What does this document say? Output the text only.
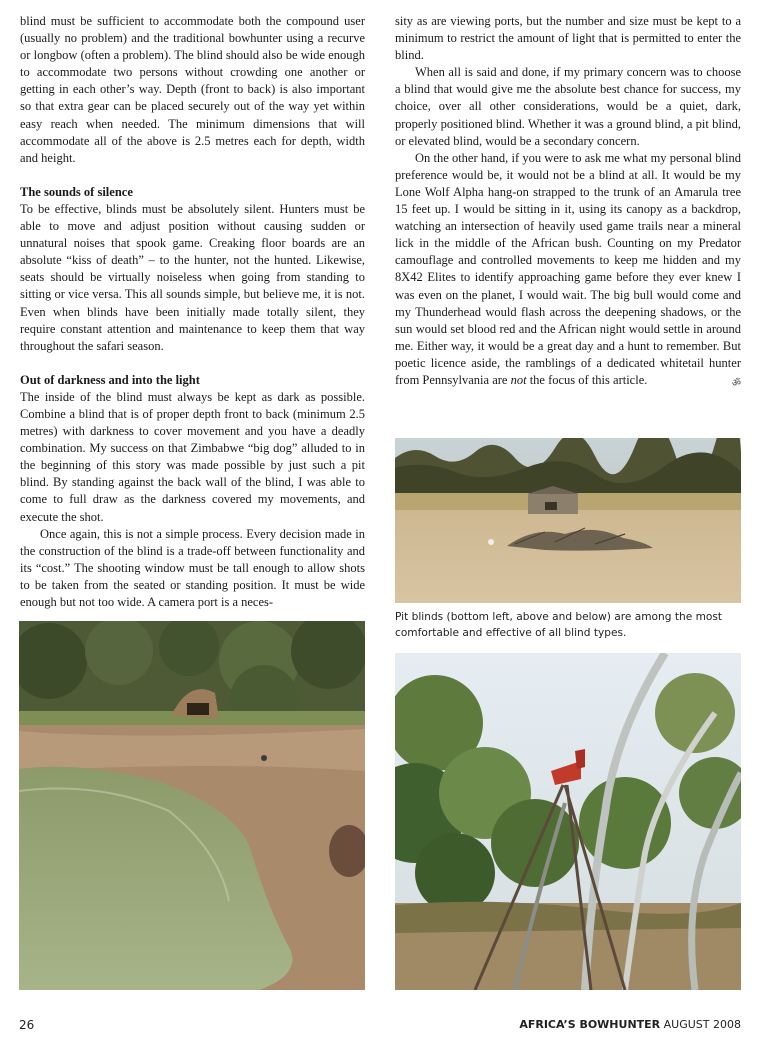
blind must be sufficient to accommodate both the compound user (usually no problem) and the traditional bowhunter using a recurve or longbow (often a problem). The blind should also be wide enough to accommodate two persons without crowding one another or getting in each other’s way. Depth (front to back) is also important so that extra gear can be placed securely out of the way yet within easy reach when needed. The minimum dimensions that will accommodate all of the above is 2.5 metres each for depth, width and height.

The sounds of silence

To be effective, blinds must be absolutely silent. Hunters must be able to move and adjust position without causing sudden or unnatural noises that spook game. Creaking floor boards are an absolute “kiss of death” – to the hunter, not the hunted. Likewise, seats should be virtually noiseless when going from standing to sitting or vice versa. This all sounds simple, but believe me, it is not. Even when blinds have been initially made totally silent, they require constant attention and maintenance to keep them that way throughout the safari season.

Out of darkness and into the light

The inside of the blind must always be kept as dark as possible. Combine a blind that is of proper depth front to back (minimum 2.5 metres) with darkness to cover movement and you have a deadly combination. My success on that Zimbabwe “big dog” alluded to in the beginning of this story was made possible by just such a pit blind. By standing against the back wall of the blind, I was able to come to full draw as the darkness covered my movements, and execute the shot.

Once again, this is not a simple process. Every decision made in the construction of the blind is a trade-off between functionality and its “cost.” The shooting window must be tall enough to allow shots to be taken from the seated or standing position. It must be wide enough but not too wide. A camera port is a neces-

sity as are viewing ports, but the number and size must be kept to a minimum to restrict the amount of light that is permitted to enter the blind.

When all is said and done, if my primary concern was to choose a blind that would give me the absolute best chance for success, my choice, over all other considerations, would be a quiet, dark, properly positioned blind. Whether it was a ground blind, a pit blind, or elevated blind, would be a secondary concern.

On the other hand, if you were to ask me what my personal blind preference would be, it would not be a blind at all. It would be my Lone Wolf Alpha hang-on strapped to the trunk of an Amarula tree 15 feet up. I would be sitting in it, using its canopy as a backdrop, watching an intersection of heavily used game trails near a mineral lick in the middle of the African bush. Counting on my Predator camouflage and controlled movements to keep me hidden and my 8X42 Elites to identify approaching game before they ever knew I was even on the planet, I would wait. The big bull would come and my Thunderhead would flash across the deepening shadows, or the sun would set blood red and the African night would settle in around me. Either way, it would be a great day and a hunt to remember. But poetic licence aside, the ramblings of a dedicated whitetail hunter from Pennsylvania are not the focus of this article.	ॐ

Pit blinds (bottom left, above and below) are among the most comfortable and effective of all blind types.
26	AFRICA’S BOWHUNTER AUGUST 2008
